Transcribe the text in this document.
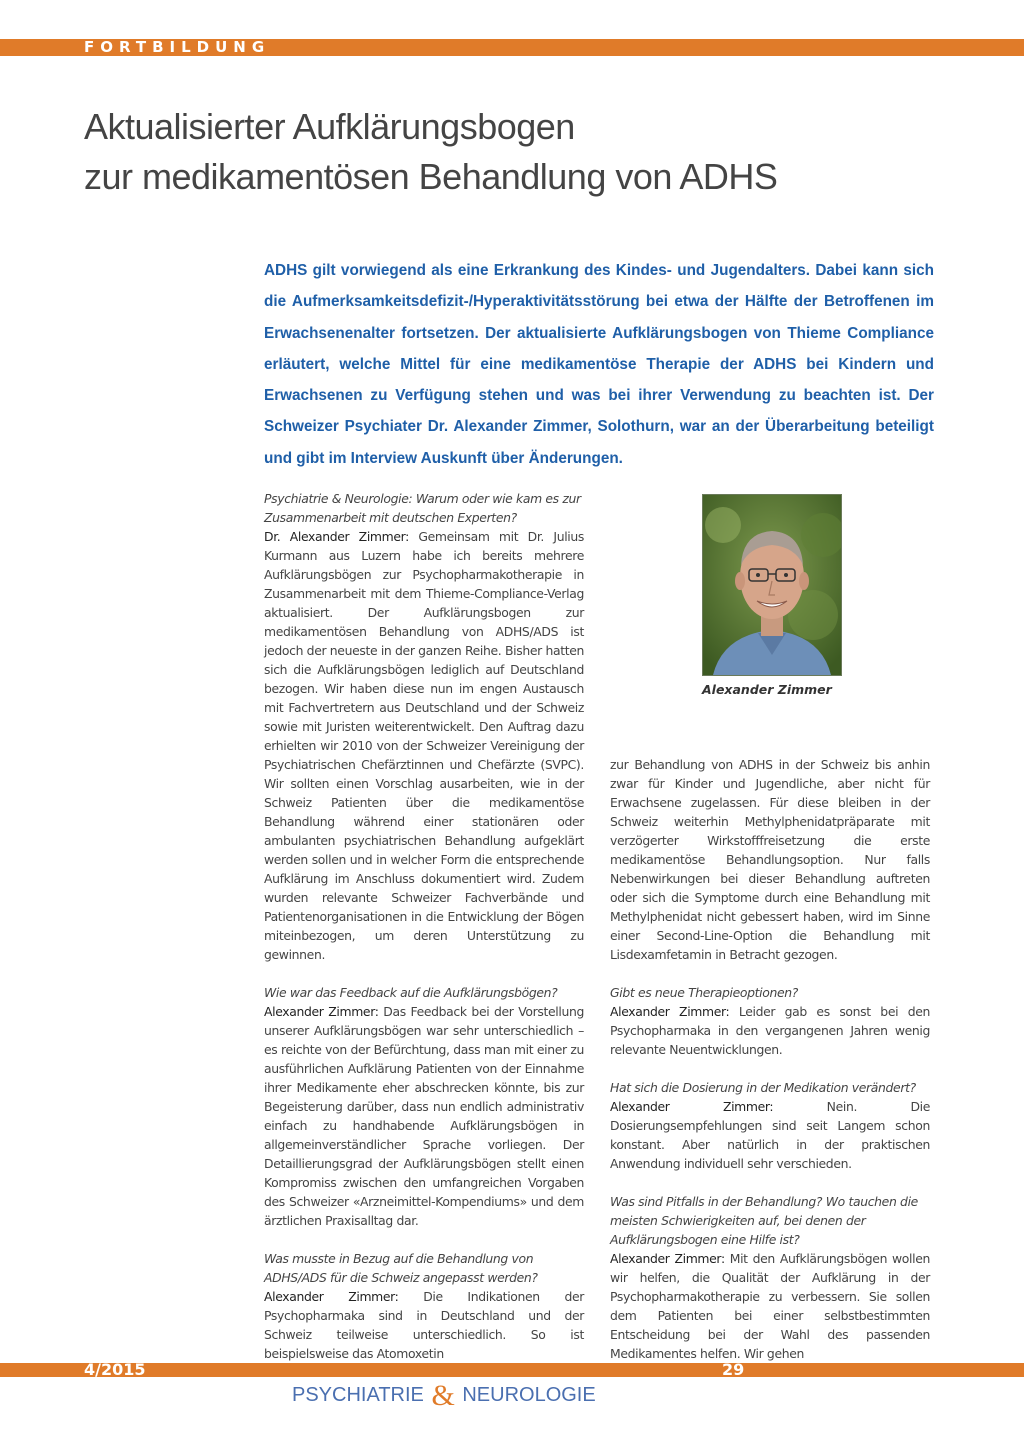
FORTBILDUNG
Aktualisierter Aufklärungsbogen
zur medikamentösen Behandlung von ADHS
ADHS gilt vorwiegend als eine Erkrankung des Kindes- und Jugendalters. Dabei kann sich die Aufmerksamkeitsdefizit-/Hyperaktivitätsstörung bei etwa der Hälfte der Betroffenen im Erwachsenenalter fortsetzen. Der aktualisierte Aufklärungsbogen von Thieme Compliance erläutert, welche Mittel für eine medikamentöse Therapie der ADHS bei Kindern und Erwachsenen zu Verfügung stehen und was bei ihrer Verwendung zu beachten ist. Der Schweizer Psychiater Dr. Alexander Zimmer, Solothurn, war an der Überarbeitung beteiligt und gibt im Interview Auskunft über Änderungen.

Psychiatrie & Neurologie: Warum oder wie kam es zur Zusammenarbeit mit deutschen Experten?
Dr. Alexander Zimmer: Gemeinsam mit Dr. Julius Kurmann aus Luzern habe ich bereits mehrere Aufklärungsbögen zur Psychopharmakotherapie in Zusammenarbeit mit dem Thieme-Compliance-Verlag aktualisiert. Der Aufklärungsbogen zur medikamentösen Behandlung von ADHS/ADS ist jedoch der neueste in der ganzen Reihe. Bisher hatten sich die Aufklärungsbögen lediglich auf Deutschland bezogen. Wir haben diese nun im engen Austausch mit Fachvertretern aus Deutschland und der Schweiz sowie mit Juristen weiterentwickelt. Den Auftrag dazu erhielten wir 2010 von der Schweizer Vereinigung der Psychiatrischen Chefärztinnen und Chefärzte (SVPC). Wir sollten einen Vorschlag ausarbeiten, wie in der Schweiz Patienten über die medikamentöse Behandlung während einer stationären oder ambulanten psychiatrischen Behandlung aufgeklärt werden sollen und in welcher Form die entsprechende Aufklärung im Anschluss dokumentiert wird. Zudem wurden relevante Schweizer Fachverbände und Patientenorganisationen in die Entwicklung der Bögen miteinbezogen, um deren Unterstützung zu gewinnen.

Wie war das Feedback auf die Aufklärungsbögen?
Alexander Zimmer: Das Feedback bei der Vorstellung unserer Aufklärungsbögen war sehr unterschiedlich – es reichte von der Befürchtung, dass man mit einer zu ausführlichen Aufklärung Patienten von der Einnahme ihrer Medikamente eher abschrecken könnte, bis zur Begeisterung darüber, dass nun endlich administrativ einfach zu handhabende Aufklärungsbögen in allgemeinverständlicher Sprache vorliegen. Der Detaillierungsgrad der Aufklärungsbögen stellt einen Kompromiss zwischen den umfangreichen Vorgaben des Schweizer «Arzneimittel-Kompendiums» und dem ärztlichen Praxisalltag dar.

Was musste in Bezug auf die Behandlung von ADHS/ADS für die Schweiz angepasst werden?
Alexander Zimmer: Die Indikationen der Psychopharmaka sind in Deutschland und der Schweiz teilweise unterschiedlich. So ist beispielsweise das Atomoxetin

Alexander Zimmer

zur Behandlung von ADHS in der Schweiz bis anhin zwar für Kinder und Jugendliche, aber nicht für Erwachsene zugelassen. Für diese bleiben in der Schweiz weiterhin Methylphenidatpräparate mit verzögerter Wirkstofffreisetzung die erste medikamentöse Behandlungsoption. Nur falls Nebenwirkungen bei dieser Behandlung auftreten oder sich die Symptome durch eine Behandlung mit Methylphenidat nicht gebessert haben, wird im Sinne einer Second-Line-Option die Behandlung mit Lisdexamfetamin in Betracht gezogen.

Gibt es neue Therapieoptionen?
Alexander Zimmer: Leider gab es sonst bei den Psychopharmaka in den vergangenen Jahren wenig relevante Neuentwicklungen.

Hat sich die Dosierung in der Medikation verändert?
Alexander Zimmer: Nein. Die Dosierungsempfehlungen sind seit Langem schon konstant. Aber natürlich in der praktischen Anwendung individuell sehr verschieden.

Was sind Pitfalls in der Behandlung? Wo tauchen die meisten Schwierigkeiten auf, bei denen der Aufklärungsbogen eine Hilfe ist?
Alexander Zimmer: Mit den Aufklärungsbögen wollen wir helfen, die Qualität der Aufklärung in der Psychopharmakotherapie zu verbessern. Sie sollen dem Patienten bei einer selbstbestimmten Entscheidung bei der Wahl des passenden Medikamentes helfen. Wir gehen

4/2015	29
PSYCHIATRIE & NEUROLOGIE
